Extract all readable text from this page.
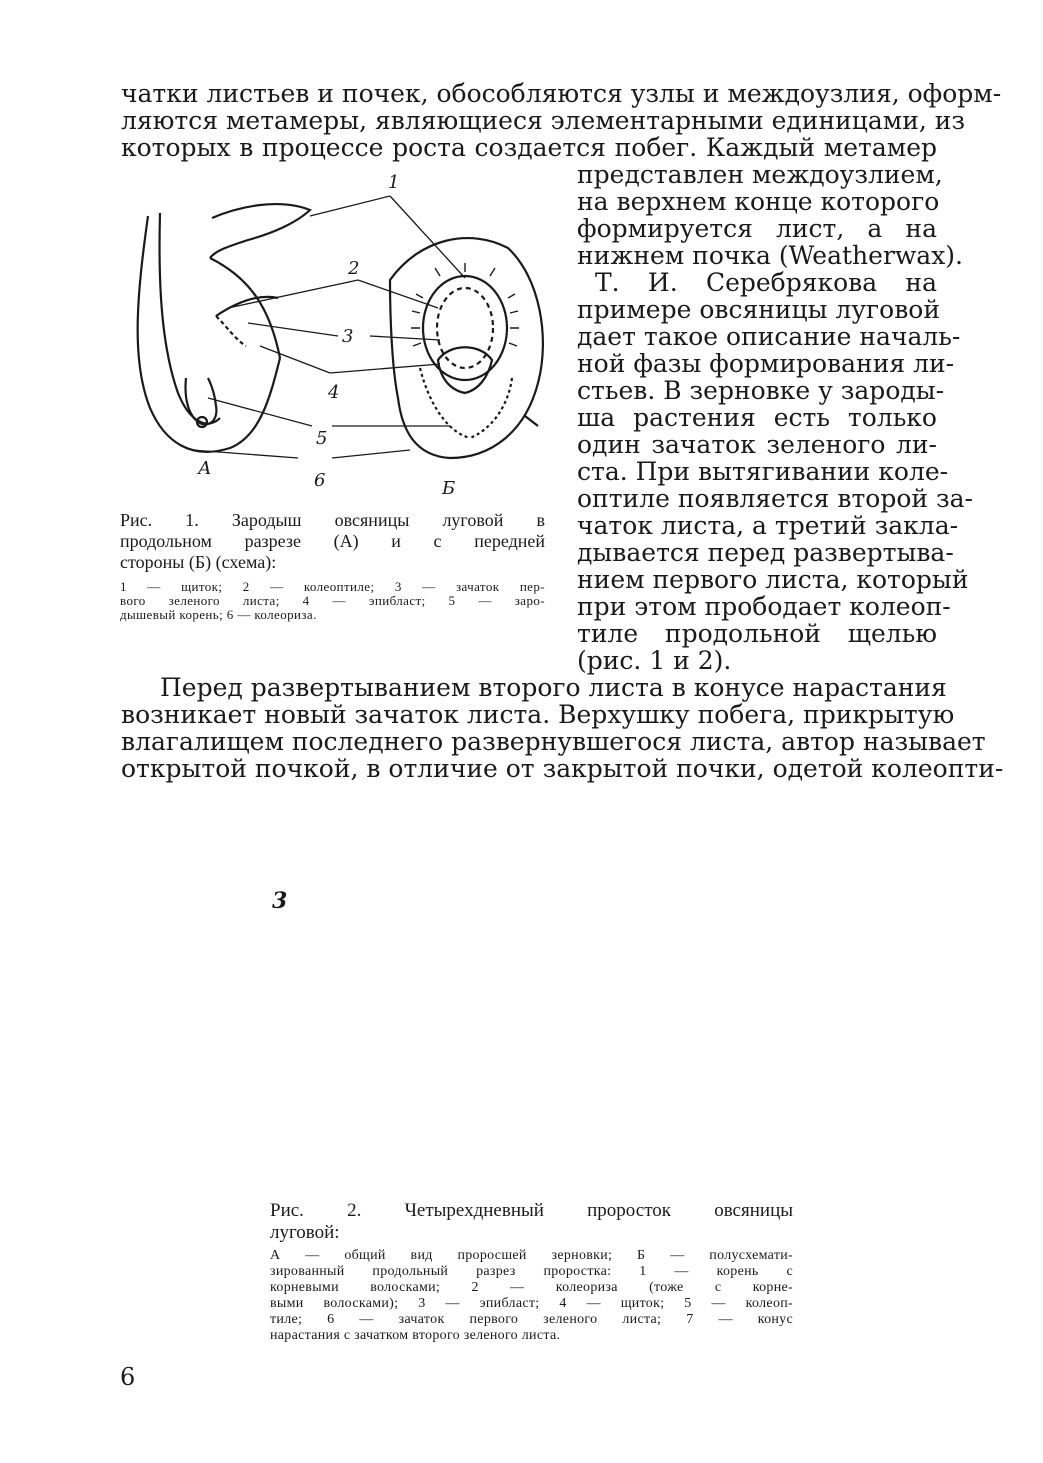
чатки листьев и почек, обособляются узлы и междоузлия, оформ-
ляются метамеры, являющиеся элементарными единицами, из
которых в процессе роста создается побег. Каждый метамер
представлен междоузлием,
на верхнем конце которого
формируется лист, а на
нижнем почка (Weatherwax).
Т. И. Серебрякова на
примере овсяницы луговой
дает такое описание началь-
ной фазы формирования ли-
стьев. В зерновке у зароды-
ша растения есть только
один зачаток зеленого ли-
ста. При вытягивании коле-
оптиле появляется второй за-
чаток листа, а третий закла-
дывается перед развертыва-
нием первого листа, который
при этом прободает колеоп-
тиле продольной щелью
(рис. 1 и 2).
Перед развертыванием второго листа в конусе нарастания
возникает новый зачаток листа. Верхушку побега, прикрытую
влагалищем последнего развернувшегося листа, автор называет
открытой почкой, в отличие от закрытой почки, одетой колеопти-
1
2
3
4
5
6
А
Б
Рис. 1. Зародыш овсяницы луговой в
продольном разрезе (А) и с передней
стороны (Б) (схема):
1 — щиток; 2 — колеоптиле; 3 — зачаток пер-
вого зеленого листа; 4 — эпибласт; 5 — заро-
дышевый корень; 6 — колеориза.
3
Рис. 2. Четырехдневный проросток овсяницы
луговой:
А — общий вид проросшей зерновки; Б — полусхемати-
зированный продольный разрез проростка: 1 — корень с
корневыми волосками; 2 — колеориза (тоже с корне-
выми волосками); 3 — эпибласт; 4 — щиток; 5 — колеоп-
тиле; 6 — зачаток первого зеленого листа; 7 — конус
нарастания с зачатком второго зеленого листа.
6
